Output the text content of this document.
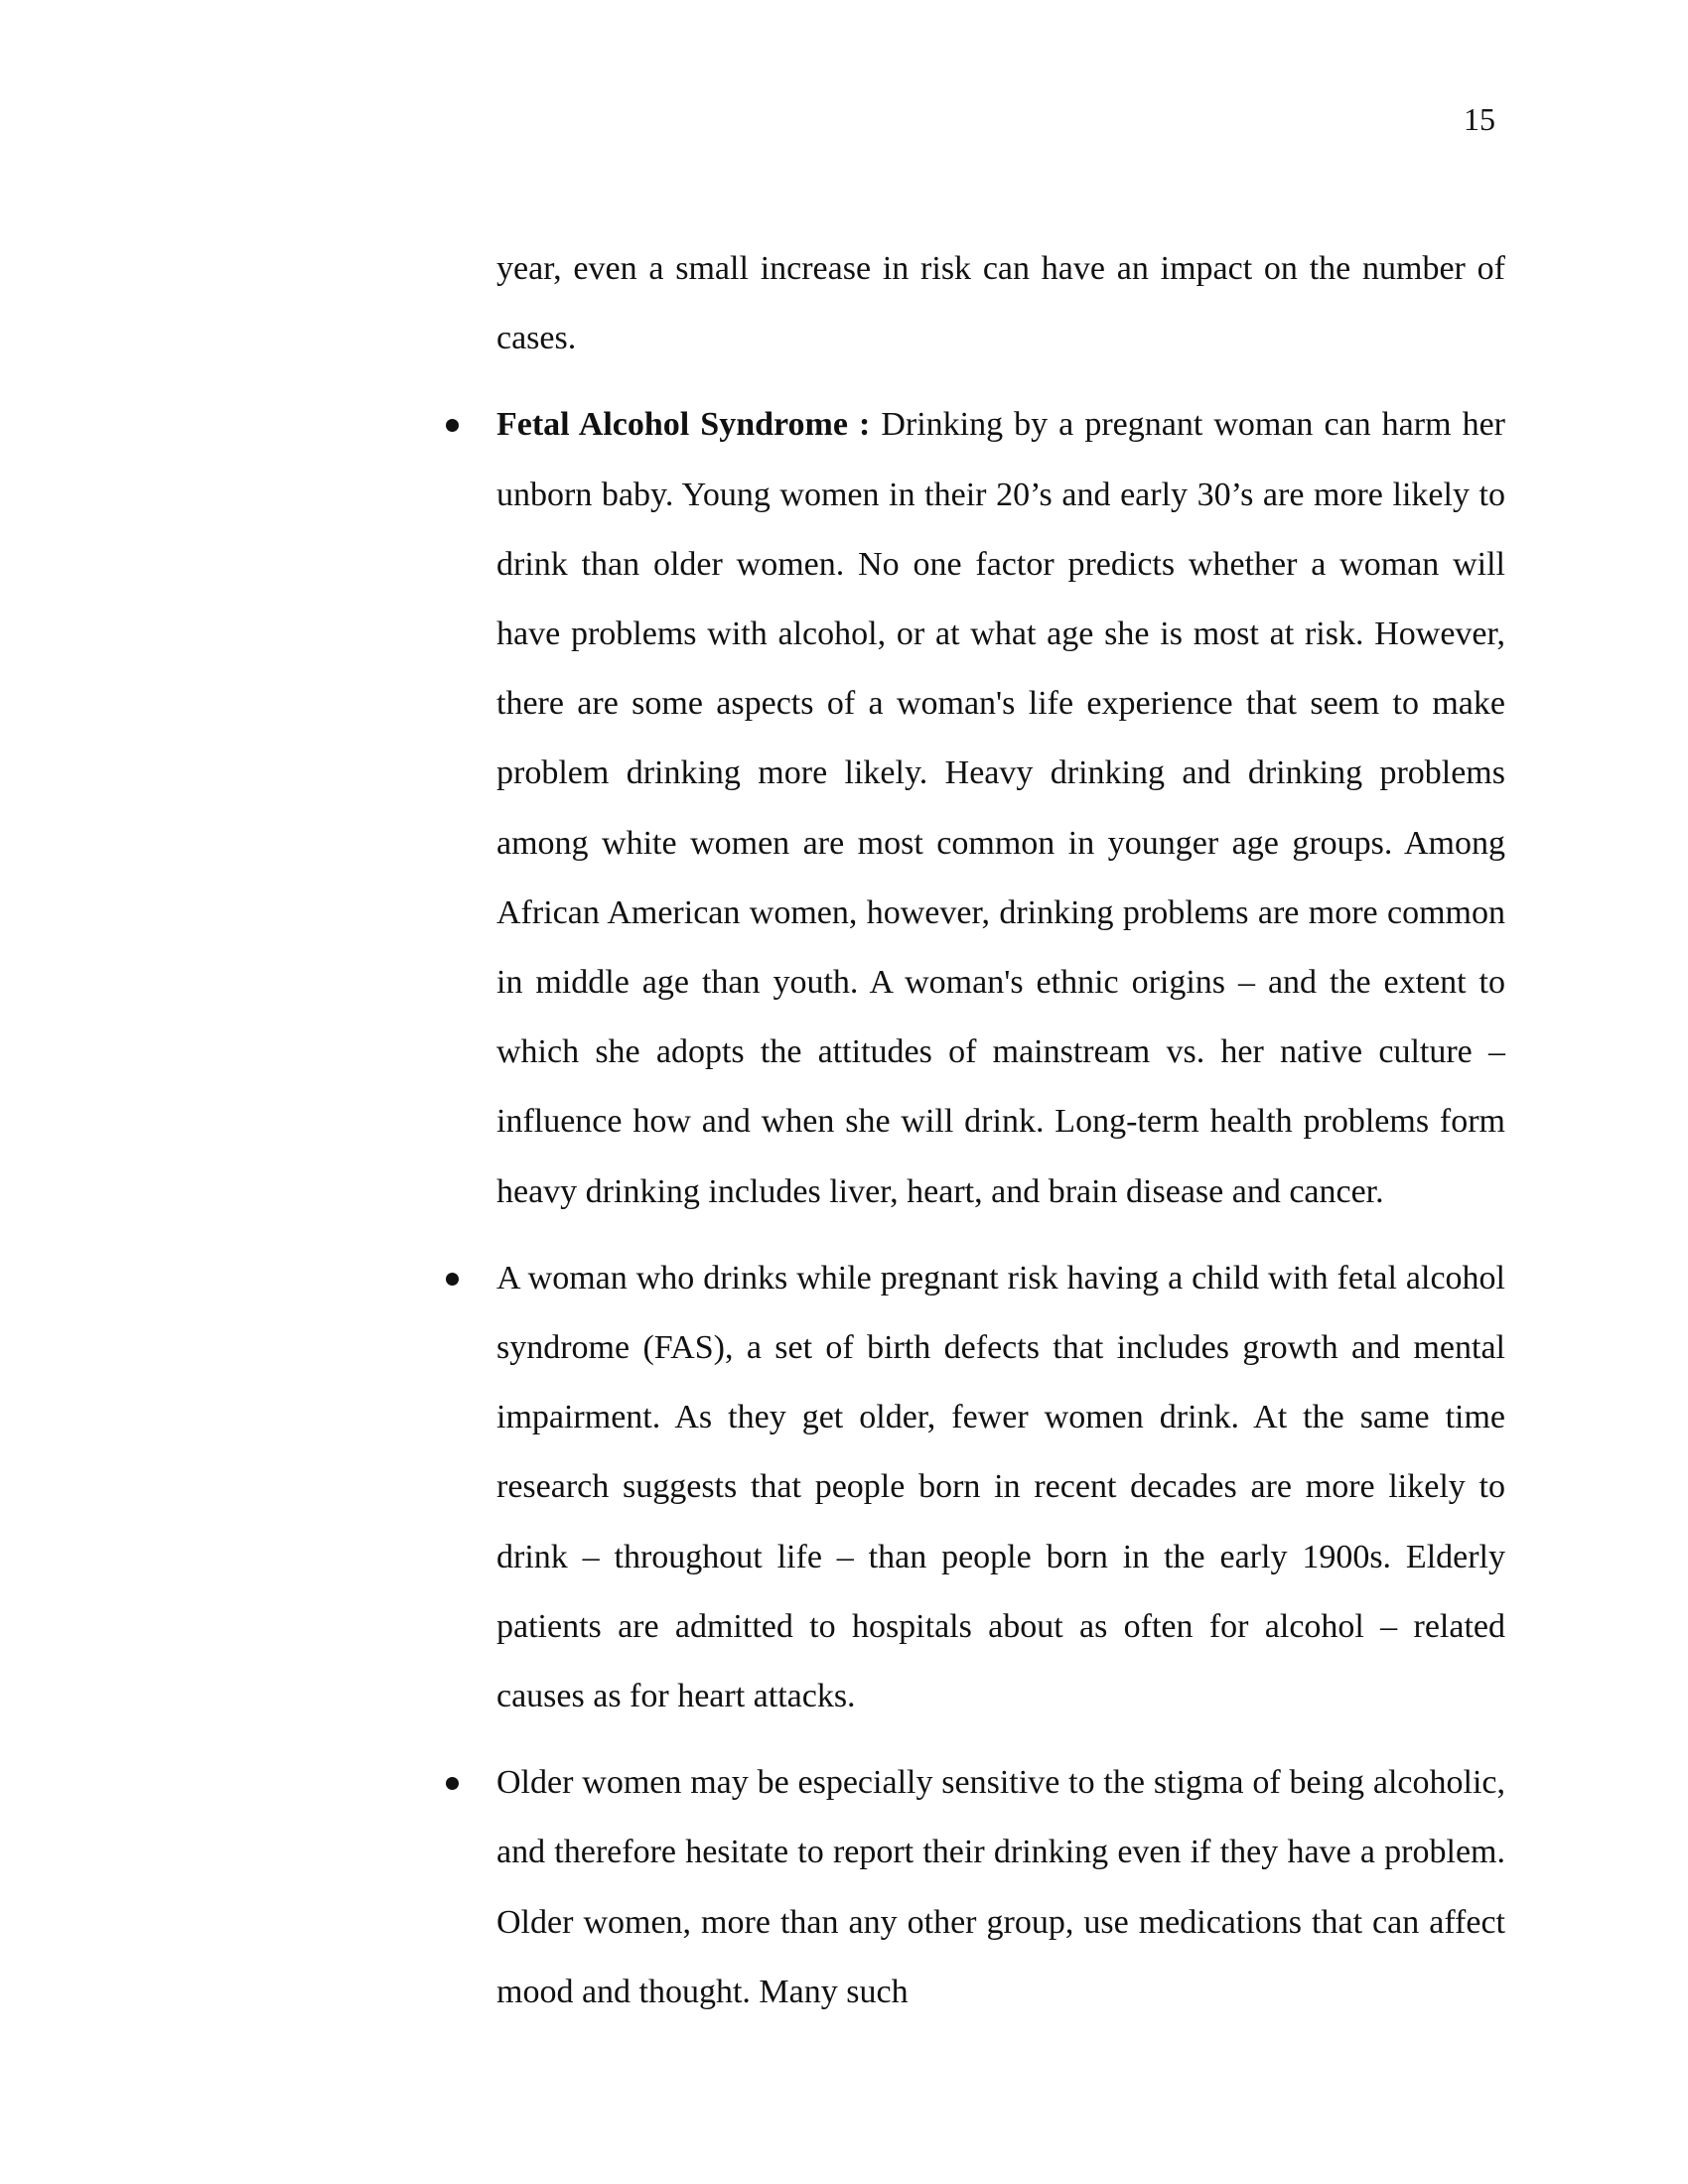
15

year, even a small increase in risk can have an impact on the number of cases.

Fetal Alcohol Syndrome : Drinking by a pregnant woman can harm her unborn baby. Young women in their 20’s and early 30’s are more likely to drink than older women. No one factor predicts whether a woman will have problems with alcohol, or at what age she is most at risk. However, there are some aspects of a woman's life experience that seem to make problem drinking more likely. Heavy drinking and drinking problems among white women are most common in younger age groups. Among African American women, however, drinking problems are more common in middle age than youth. A woman's ethnic origins – and the extent to which she adopts the attitudes of mainstream vs. her native culture – influence how and when she will drink. Long-term health problems form heavy drinking includes liver, heart, and brain disease and cancer.
A woman who drinks while pregnant risk having a child with fetal alcohol syndrome (FAS), a set of birth defects that includes growth and mental impairment. As they get older, fewer women drink. At the same time research suggests that people born in recent decades are more likely to drink – throughout life – than people born in the early 1900s. Elderly patients are admitted to hospitals about as often for alcohol – related causes as for heart attacks.
Older women may be especially sensitive to the stigma of being alcoholic, and therefore hesitate to report their drinking even if they have a problem. Older women, more than any other group, use medications that can affect mood and thought. Many such
